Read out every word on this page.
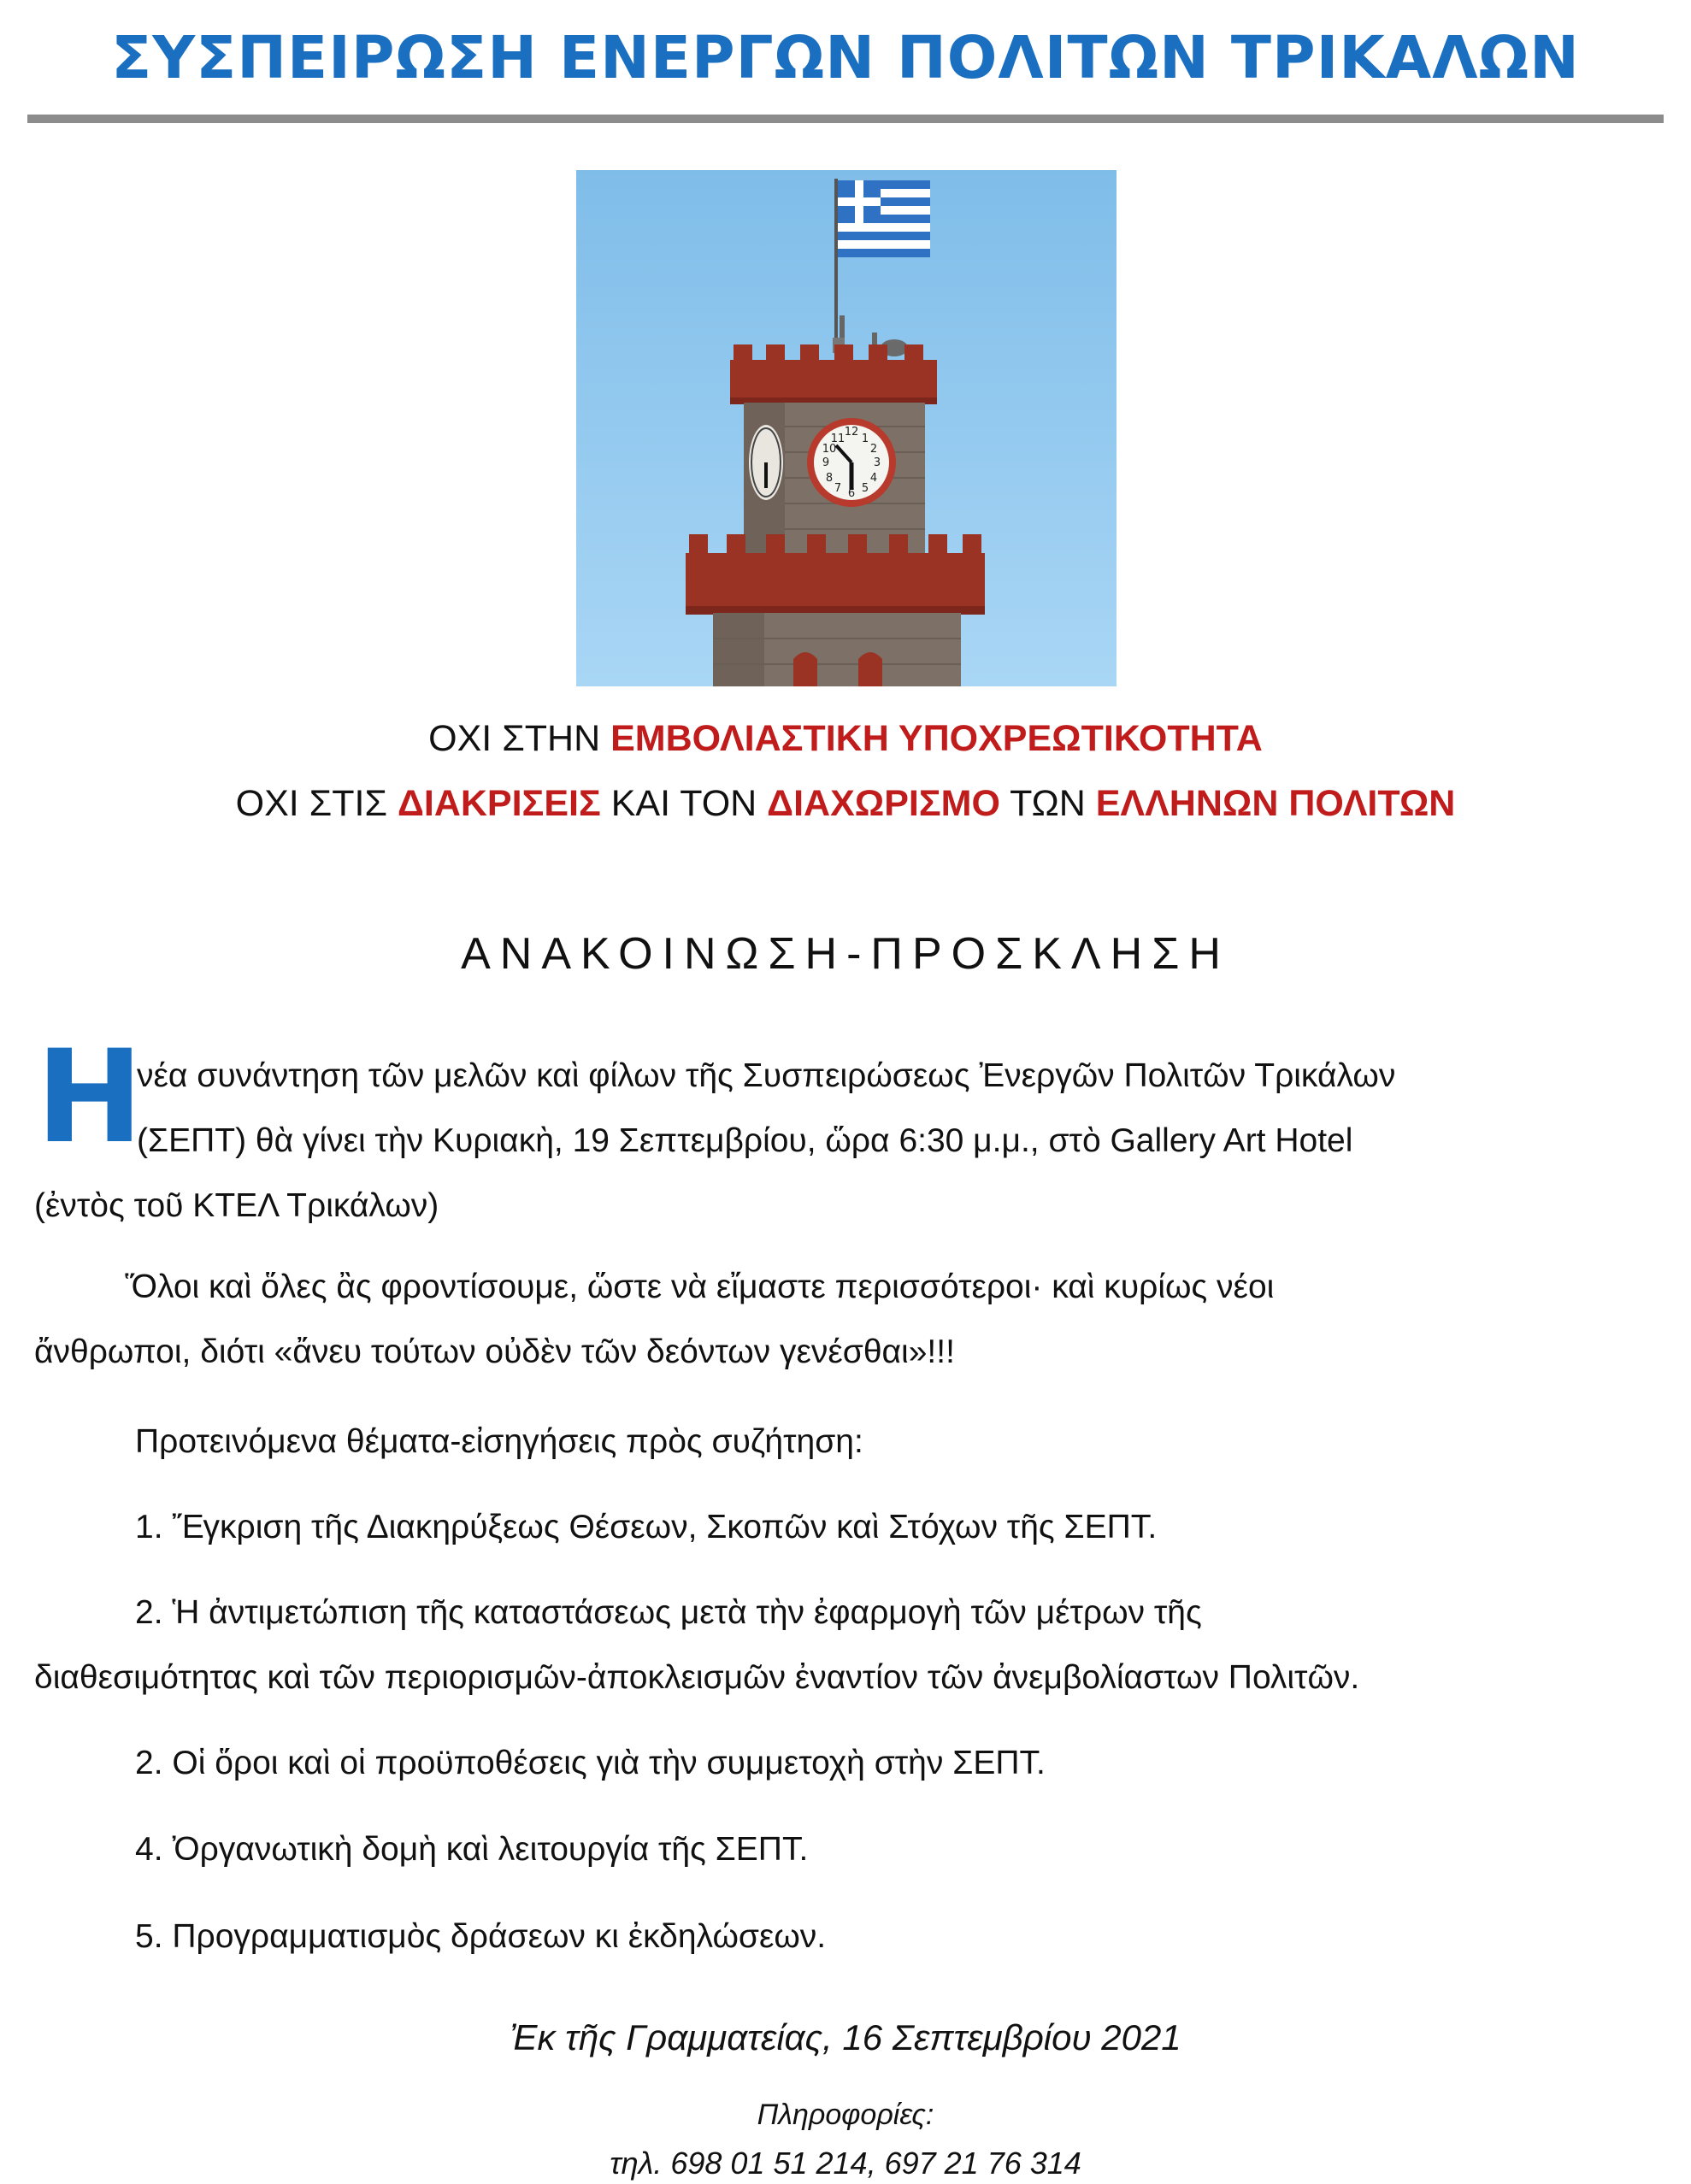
ΣΥΣΠΕΙΡΩΣΗ ΕΝΕΡΓΩΝ ΠΟΛΙΤΩΝ ΤΡΙΚΑΛΩΝ
12
3
6
9
1
2
4
5
7
8
10
11
ΟΧΙ ΣΤΗΝ ΕΜΒΟΛΙΑΣΤΙΚΗ ΥΠΟΧΡΕΩΤΙΚΟΤΗΤΑ
ΟΧΙ ΣΤΙΣ ΔΙΑΚΡΙΣΕΙΣ ΚΑΙ ΤΟΝ ΔΙΑΧΩΡΙΣΜΟ ΤΩΝ ΕΛΛΗΝΩΝ ΠΟΛΙΤΩΝ
ΑΝΑΚΟΙΝΩΣΗ-ΠΡΟΣΚΛΗΣΗ
Η
νέα συνάντηση τῶν μελῶν καὶ φίλων τῆς Συσπειρώσεως Ἐνεργῶν Πολιτῶν Τρικάλων
(ΣΕΠΤ) θὰ γίνει τὴν Κυριακὴ, 19 Σεπτεμβρίου, ὥρα 6:30 μ.μ., στὸ Gallery Art Hotel
(ἐντὸς τοῦ ΚΤΕΛ Τρικάλων)
Ὅλοι καὶ ὅλες ἂς φροντίσουμε, ὥστε νὰ εἴμαστε περισσότεροι· καὶ κυρίως νέοι
ἄνθρωποι, διότι «ἄνευ τούτων οὐδὲν τῶν δεόντων γενέσθαι»!!!
Προτεινόμενα θέματα-εἰσηγήσεις πρὸς συζήτηση:
1. Ἔγκριση τῆς Διακηρύξεως Θέσεων, Σκοπῶν καὶ Στόχων τῆς ΣΕΠΤ.
2. Ἡ ἀντιμετώπιση τῆς καταστάσεως μετὰ τὴν ἐφαρμογὴ τῶν μέτρων τῆς
διαθεσιμότητας καὶ τῶν περιορισμῶν-ἀποκλεισμῶν ἐναντίον τῶν ἀνεμβολίαστων Πολιτῶν.
2. Οἱ ὅροι καὶ οἱ προϋποθέσεις γιὰ τὴν συμμετοχὴ στὴν ΣΕΠΤ.
4. Ὀργανωτικὴ δομὴ καὶ λειτουργία τῆς ΣΕΠΤ.
5. Προγραμματισμὸς δράσεων κι ἐκδηλώσεων.
Ἐκ τῆς Γραμματείας, 16 Σεπτεμβρίου 2021
Πληροφορίες:
τηλ. 698 01 51 214, 697 21 76 314
